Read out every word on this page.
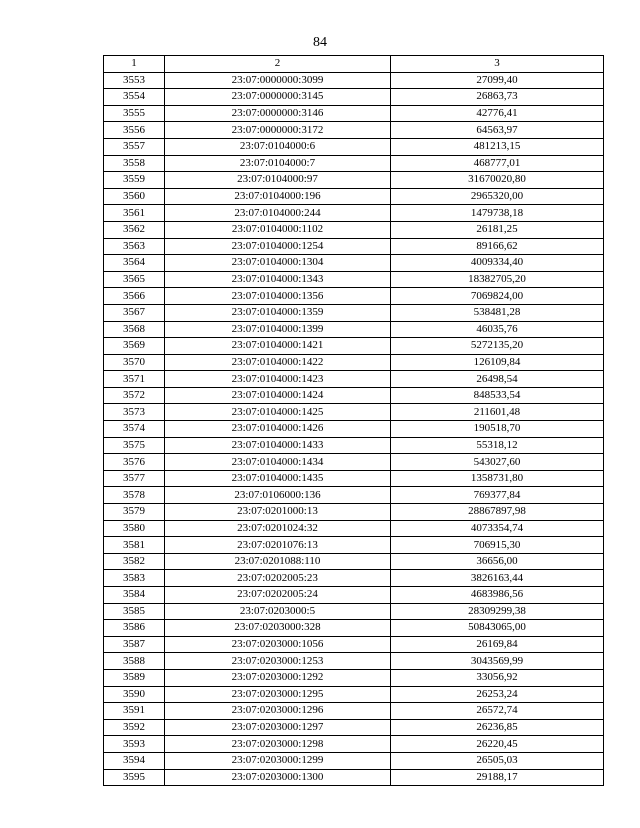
84
1	2	3
3553	23:07:0000000:3099	27099,40
3554	23:07:0000000:3145	26863,73
3555	23:07:0000000:3146	42776,41
3556	23:07:0000000:3172	64563,97
3557	23:07:0104000:6	481213,15
3558	23:07:0104000:7	468777,01
3559	23:07:0104000:97	31670020,80
3560	23:07:0104000:196	2965320,00
3561	23:07:0104000:244	1479738,18
3562	23:07:0104000:1102	26181,25
3563	23:07:0104000:1254	89166,62
3564	23:07:0104000:1304	4009334,40
3565	23:07:0104000:1343	18382705,20
3566	23:07:0104000:1356	7069824,00
3567	23:07:0104000:1359	538481,28
3568	23:07:0104000:1399	46035,76
3569	23:07:0104000:1421	5272135,20
3570	23:07:0104000:1422	126109,84
3571	23:07:0104000:1423	26498,54
3572	23:07:0104000:1424	848533,54
3573	23:07:0104000:1425	211601,48
3574	23:07:0104000:1426	190518,70
3575	23:07:0104000:1433	55318,12
3576	23:07:0104000:1434	543027,60
3577	23:07:0104000:1435	1358731,80
3578	23:07:0106000:136	769377,84
3579	23:07:0201000:13	28867897,98
3580	23:07:0201024:32	4073354,74
3581	23:07:0201076:13	706915,30
3582	23:07:0201088:110	36656,00
3583	23:07:0202005:23	3826163,44
3584	23:07:0202005:24	4683986,56
3585	23:07:0203000:5	28309299,38
3586	23:07:0203000:328	50843065,00
3587	23:07:0203000:1056	26169,84
3588	23:07:0203000:1253	3043569,99
3589	23:07:0203000:1292	33056,92
3590	23:07:0203000:1295	26253,24
3591	23:07:0203000:1296	26572,74
3592	23:07:0203000:1297	26236,85
3593	23:07:0203000:1298	26220,45
3594	23:07:0203000:1299	26505,03
3595	23:07:0203000:1300	29188,17
